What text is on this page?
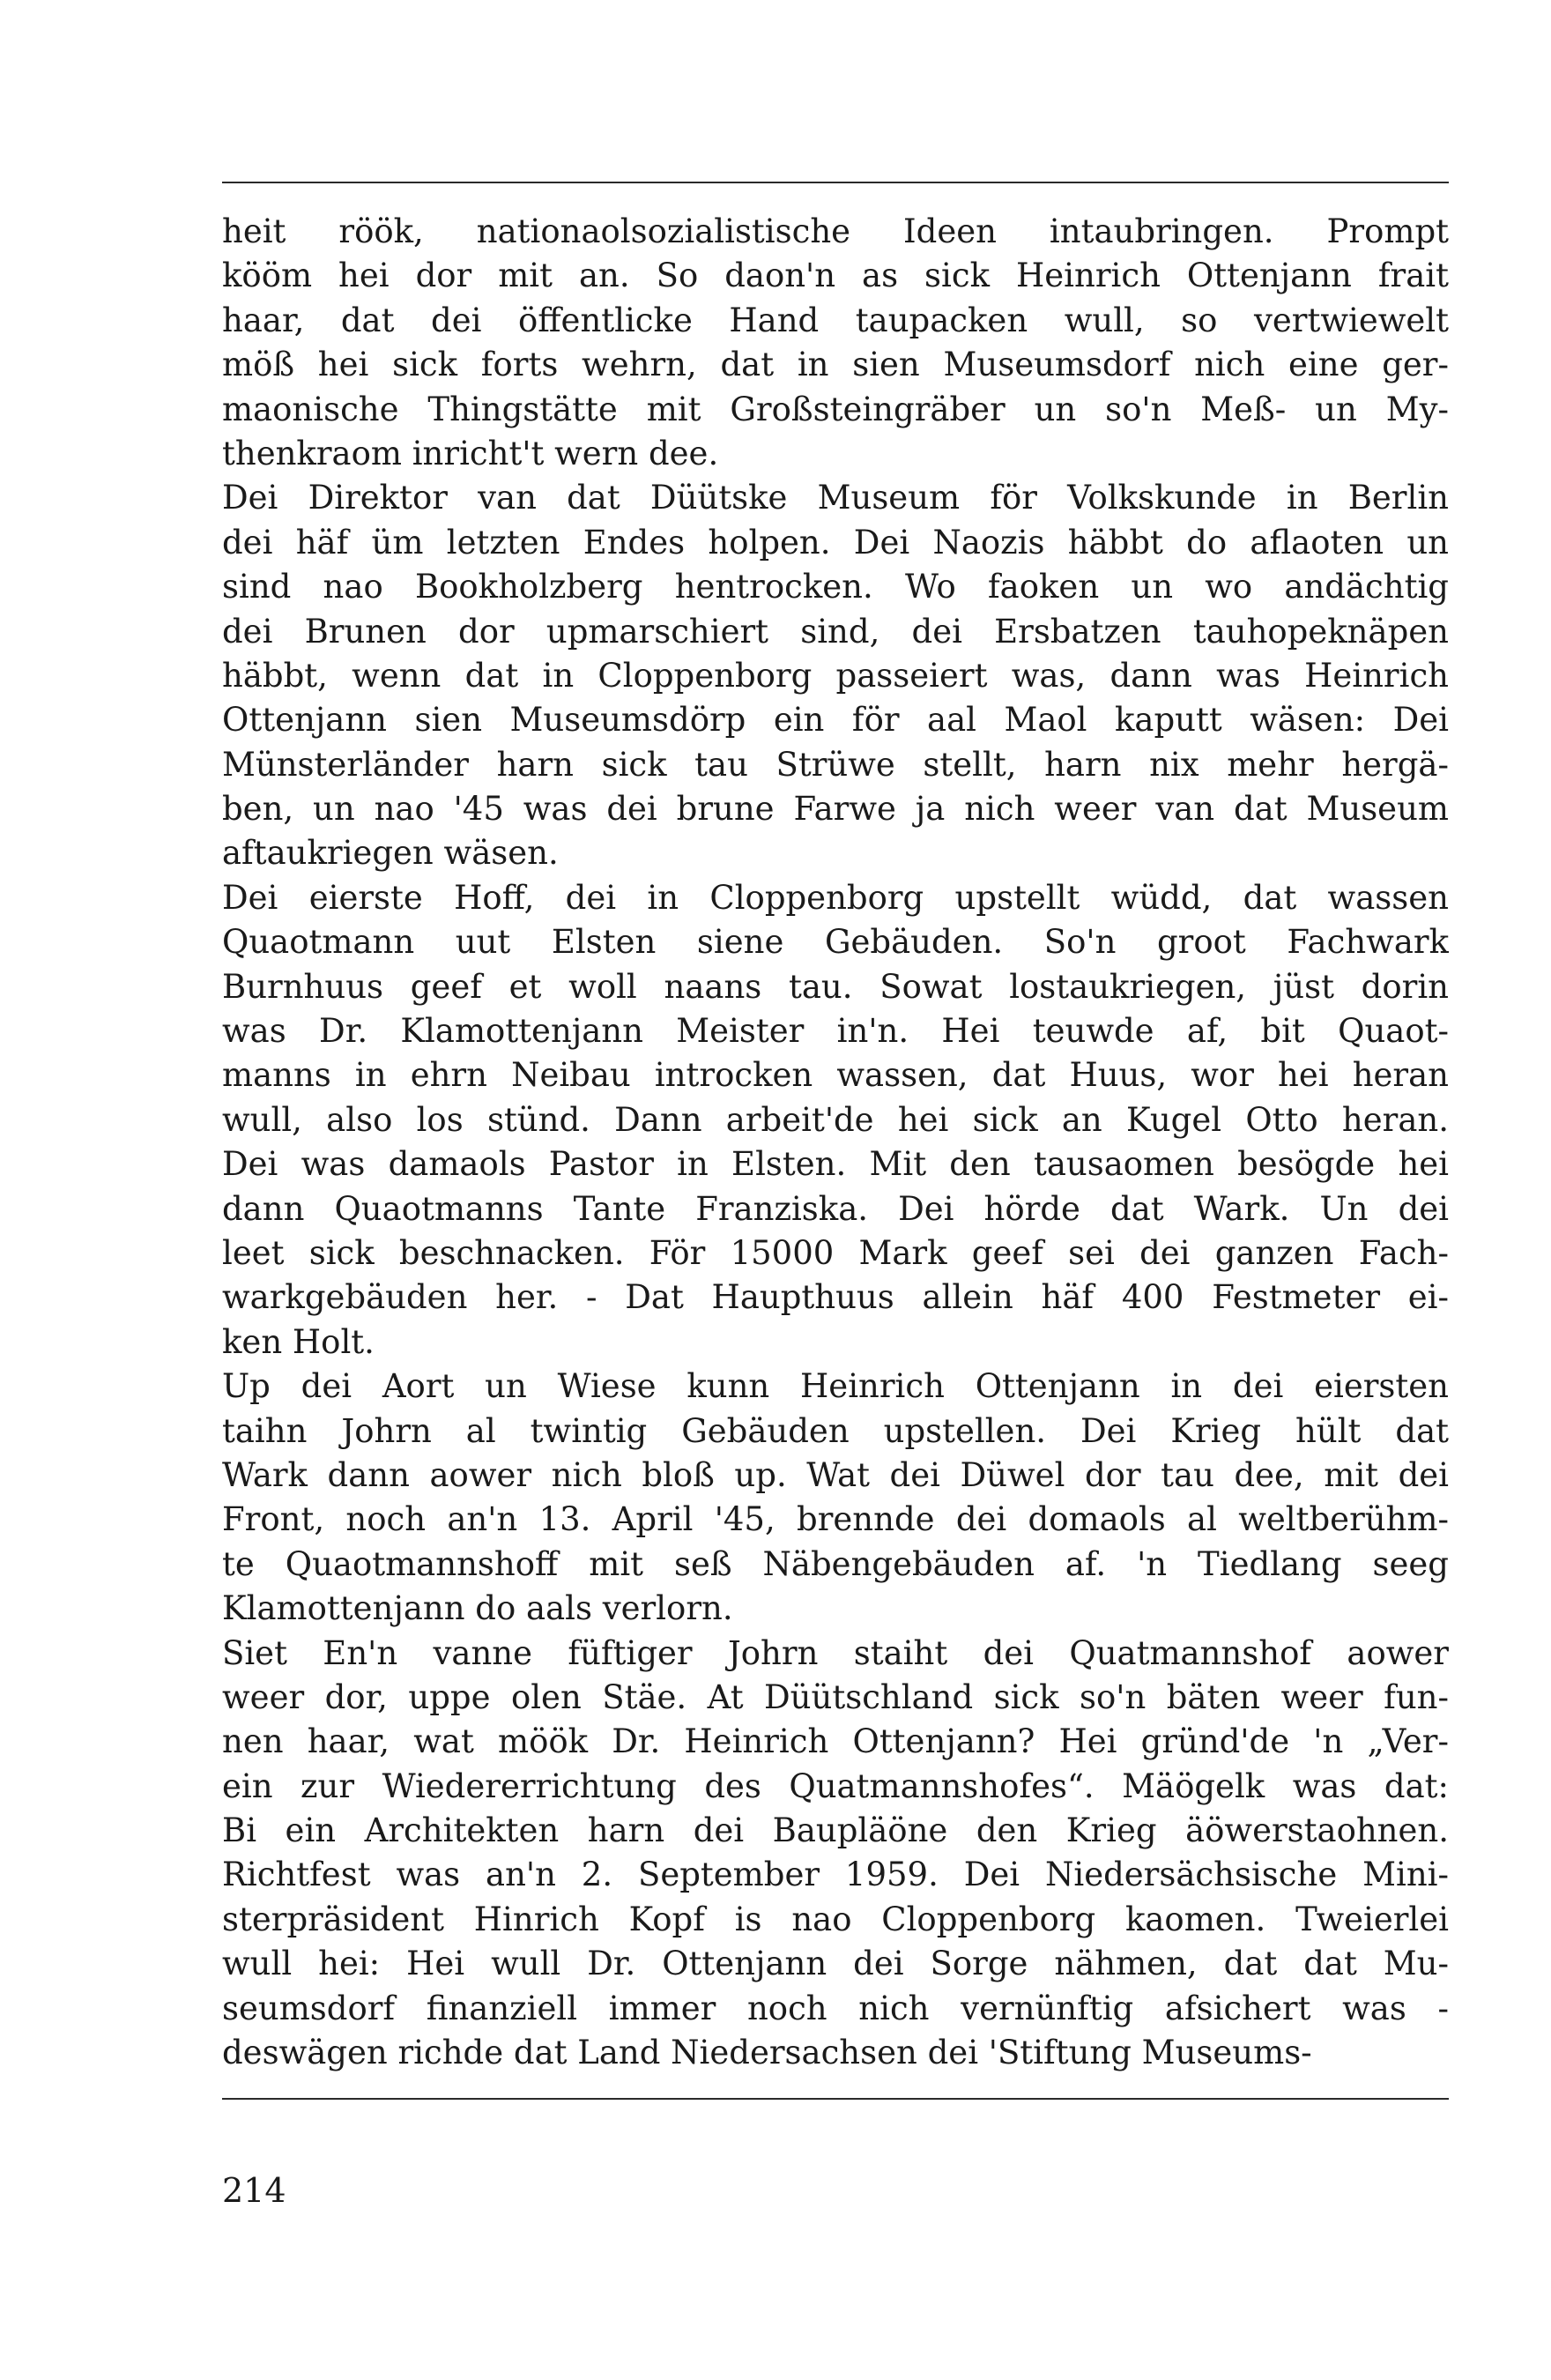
heit röök, nationaolsozialistische Ideen intaubringen. Prompt
kööm hei dor mit an. So daon'n as sick Heinrich Ottenjann frait
haar, dat dei öffentlicke Hand taupacken wull, so vertwiewelt
möß hei sick forts wehrn, dat in sien Museumsdorf nich eine ger-
maonische Thingstätte mit Großsteingräber un so'n Meß- un My-
thenkraom inricht't wern dee.
Dei Direktor van dat Düütske Museum för Volkskunde in Berlin
dei häf üm letzten Endes holpen. Dei Naozis häbbt do aflaoten un
sind nao Bookholzberg hentrocken. Wo faoken un wo andächtig
dei Brunen dor upmarschiert sind, dei Ersbatzen tauhopeknäpen
häbbt, wenn dat in Cloppenborg passeiert was, dann was Heinrich
Ottenjann sien Museumsdörp ein för aal Maol kaputt wäsen: Dei
Münsterländer harn sick tau Strüwe stellt, harn nix mehr hergä-
ben, un nao '45 was dei brune Farwe ja nich weer van dat Museum
aftaukriegen wäsen.
Dei eierste Hoff, dei in Cloppenborg upstellt wüdd, dat wassen
Quaotmann uut Elsten siene Gebäuden. So'n groot Fachwark
Burnhuus geef et woll naans tau. Sowat lostaukriegen, jüst dorin
was Dr. Klamottenjann Meister in'n. Hei teuwde af, bit Quaot-
manns in ehrn Neibau introcken wassen, dat Huus, wor hei heran
wull, also los stünd. Dann arbeit'de hei sick an Kugel Otto heran.
Dei was damaols Pastor in Elsten. Mit den tausaomen besögde hei
dann Quaotmanns Tante Franziska. Dei hörde dat Wark. Un dei
leet sick beschnacken. För 15000 Mark geef sei dei ganzen Fach-
warkgebäuden her. - Dat Haupthuus allein häf 400 Festmeter ei-
ken Holt.
Up dei Aort un Wiese kunn Heinrich Ottenjann in dei eiersten
taihn Johrn al twintig Gebäuden upstellen. Dei Krieg hült dat
Wark dann aower nich bloß up. Wat dei Düwel dor tau dee, mit dei
Front, noch an'n 13. April '45, brennde dei domaols al weltberühm-
te Quaotmannshoff mit seß Näbengebäuden af. 'n Tiedlang seeg
Klamottenjann do aals verlorn.
Siet En'n vanne füftiger Johrn staiht dei Quatmannshof aower
weer dor, uppe olen Stäe. At Düütschland sick so'n bäten weer fun-
nen haar, wat möök Dr. Heinrich Ottenjann? Hei gründ'de 'n „Ver-
ein zur Wiedererrichtung des Quatmannshofes“. Mäögelk was dat:
Bi ein Architekten harn dei Baupläöne den Krieg äöwerstaohnen.
Richtfest was an'n 2. September 1959. Dei Niedersächsische Mini-
sterpräsident Hinrich Kopf is nao Cloppenborg kaomen. Tweierlei
wull hei: Hei wull Dr. Ottenjann dei Sorge nähmen, dat dat Mu-
seumsdorf finanziell immer noch nich vernünftig afsichert was -
deswägen richde dat Land Niedersachsen dei 'Stiftung Museums-
214
